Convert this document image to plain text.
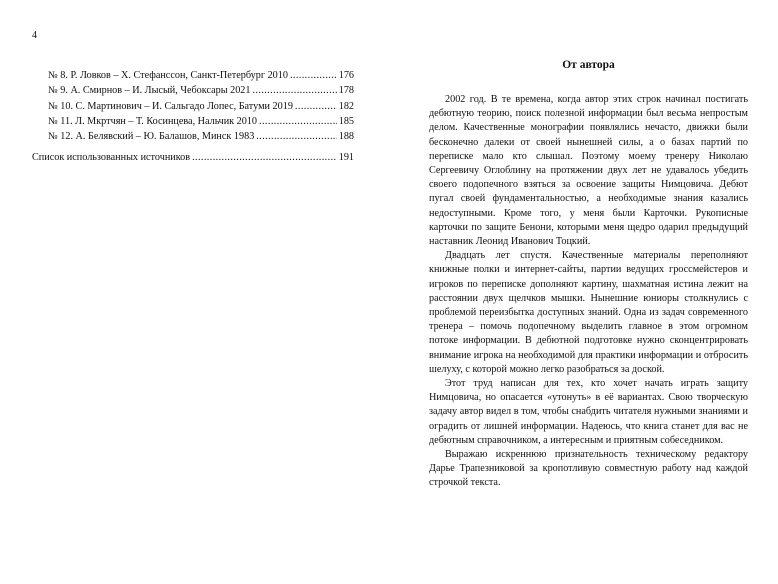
4
№ 8. Р. Ловков – Х. Стефанссон, Санкт-Петербург 2010 .....	176
№ 9. А. Смирнов – И. Лысый, Чебоксары 2021 .....	178
№ 10. С. Мартинович – И. Сальгадо Лопес, Батуми 2019 .....	182
№ 11. Л. Мкртчян – Т. Косинцева, Нальчик 2010 .....	185
№ 12. А. Белявский – Ю. Балашов, Минск 1983 .....	188
Список использованных источников .....	191
От автора

2002 год. В те времена, когда автор этих строк начинал постигать дебютную теорию, поиск полезной информации был весьма непростым делом. Качественные монографии появлялись нечасто, движки были бесконечно далеки от своей нынешней силы, а о базах партий по переписке мало кто слышал. Поэтому моему тренеру Николаю Сергеевичу Оглоблину на протяжении двух лет не удавалось убедить своего подопечного взяться за освоение защиты Нимцовича. Дебют пугал своей фундаментальностью, а необходимые знания казались недоступными. Кроме того, у меня были Карточки. Рукописные карточки по защите Бенони, которыми меня щедро одарил предыдущий наставник Леонид Иванович Тоцкий.

Двадцать лет спустя. Качественные материалы переполняют книжные полки и интернет-сайты, партии ведущих гроссмейстеров и игроков по переписке дополняют картину, шахматная истина лежит на расстоянии двух щелчков мышки. Нынешние юниоры столкнулись с проблемой переизбытка доступных знаний. Одна из задач современного тренера – помочь подопечному выделить главное в этом огромном потоке информации. В дебютной подготовке нужно сконцентрировать внимание игрока на необходимой для практики информации и отбросить шелуху, с которой можно легко разобраться за доской.

Этот труд написан для тех, кто хочет начать играть защиту Нимцовича, но опасается «утонуть» в её вариантах. Свою творческую задачу автор видел в том, чтобы снабдить читателя нужными знаниями и оградить от лишней информации. Надеюсь, что книга станет для вас не дебютным справочником, а интересным и приятным собеседником.

Выражаю искреннюю признательность техническому редактору Дарье Трапезниковой за кропотливую совместную работу над каждой строчкой текста.
